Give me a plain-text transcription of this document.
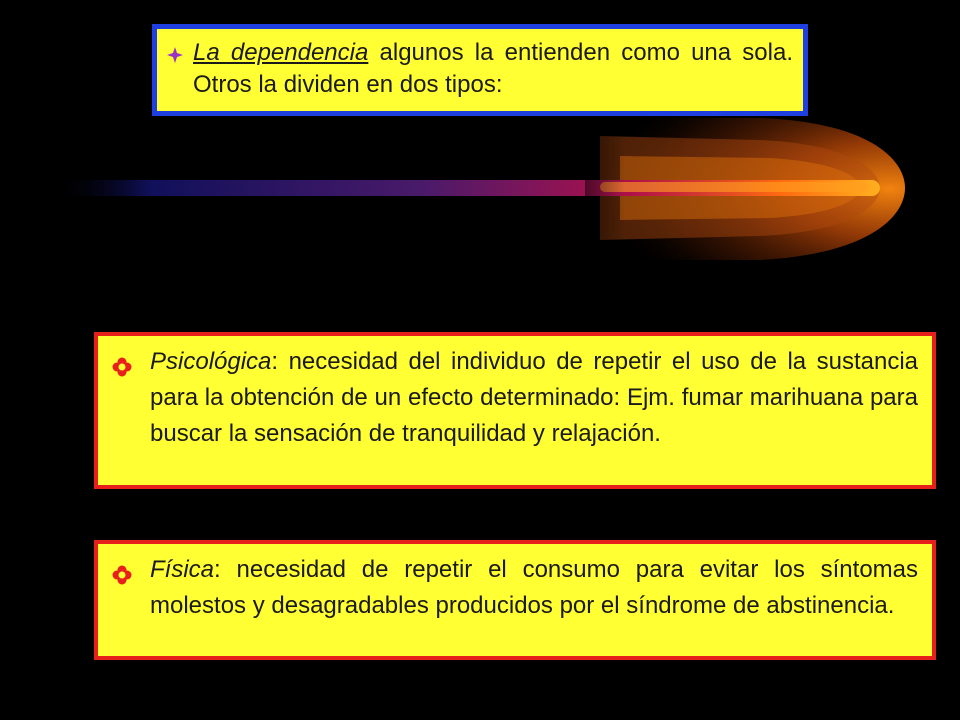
La dependencia algunos la entienden como una sola. Otros la dividen en dos tipos:
Psicológica: necesidad del individuo de repetir el uso de la sustancia para la obtención de un efecto determinado: Ejm. fumar marihuana para buscar la sensación de tranquilidad y relajación.
Física: necesidad de repetir el consumo para evitar los síntomas molestos y desagradables producidos por el síndrome de abstinencia.
